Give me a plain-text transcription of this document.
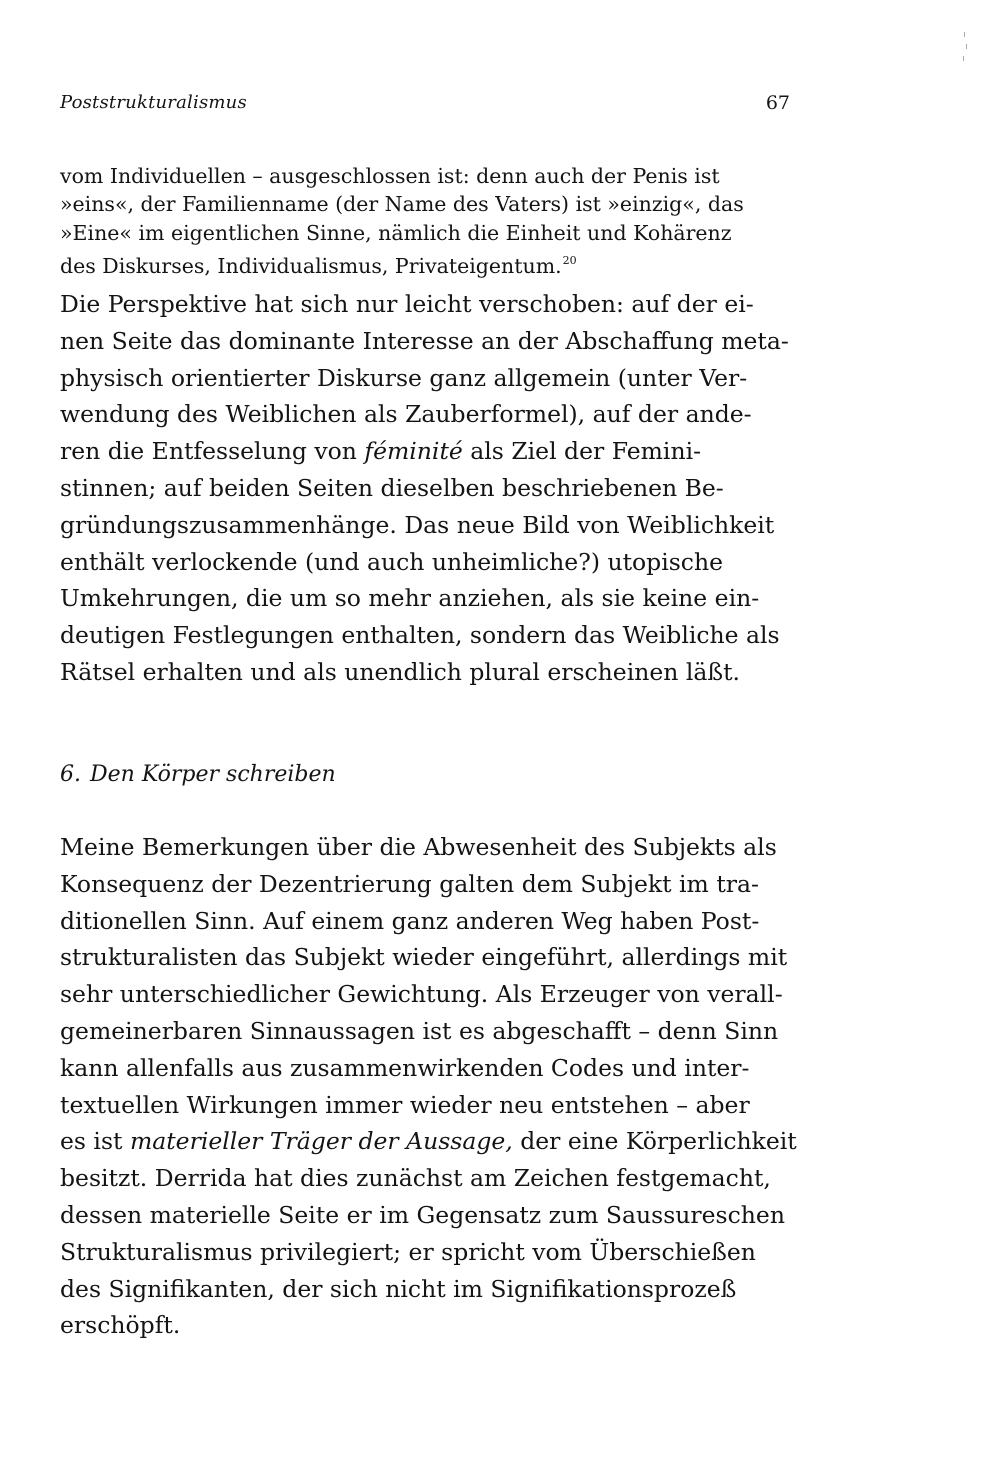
Poststrukturalismus	67
vom Individuellen – ausgeschlossen ist: denn auch der Penis ist
»eins«, der Familienname (der Name des Vaters) ist »einzig«, das
»Eine« im eigentlichen Sinne, nämlich die Einheit und Kohärenz
des Diskurses, Individualismus, Privateigentum.$^{20}$
Die Perspektive hat sich nur leicht verschoben: auf der ei-
nen Seite das dominante Interesse an der Abschaffung meta-
physisch orientierter Diskurse ganz allgemein (unter Ver-
wendung des Weiblichen als Zauberformel), auf der ande-
ren die Entfesselung von féminité als Ziel der Femini-
stinnen; auf beiden Seiten dieselben beschriebenen Be-
gründungszusammenhänge. Das neue Bild von Weiblichkeit
enthält verlockende (und auch unheimliche?) utopische
Umkehrungen, die um so mehr anziehen, als sie keine ein-
deutigen Festlegungen enthalten, sondern das Weibliche als
Rätsel erhalten und als unendlich plural erscheinen läßt.
6. Den Körper schreiben
Meine Bemerkungen über die Abwesenheit des Subjekts als
Konsequenz der Dezentrierung galten dem Subjekt im tra-
ditionellen Sinn. Auf einem ganz anderen Weg haben Post-
strukturalisten das Subjekt wieder eingeführt, allerdings mit
sehr unterschiedlicher Gewichtung. Als Erzeuger von verall-
gemeinerbaren Sinnaussagen ist es abgeschafft – denn Sinn
kann allenfalls aus zusammenwirkenden Codes und inter-
textuellen Wirkungen immer wieder neu entstehen – aber
es ist materieller Träger der Aussage, der eine Körperlichkeit
besitzt. Derrida hat dies zunächst am Zeichen festgemacht,
dessen materielle Seite er im Gegensatz zum Saussureschen
Strukturalismus privilegiert; er spricht vom Überschießen
des Signifikanten, der sich nicht im Signifikationsprozeß
erschöpft.
